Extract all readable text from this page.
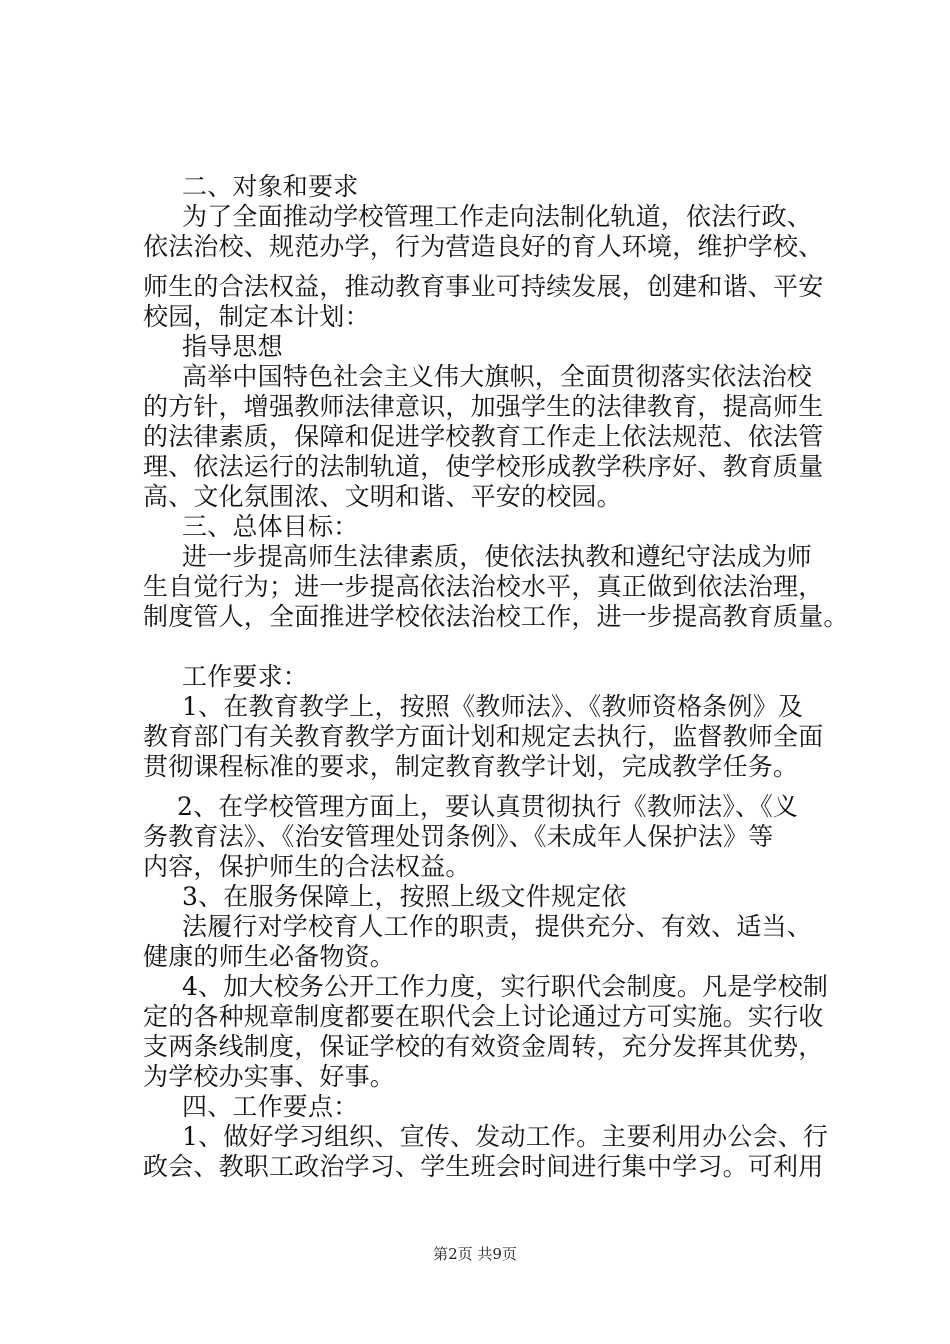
二、对象和要求
为了全面推动学校管理工作走向法制化轨道，依法行政、
依法治校、规范办学，行为营造良好的育人环境，维护学校、
师生的合法权益，推动教育事业可持续发展，创建和谐、平安
校园，制定本计划：
指导思想
高举中国特色社会主义伟大旗帜，全面贯彻落实依法治校
的方针，增强教师法律意识，加强学生的法律教育，提高师生
的法律素质，保障和促进学校教育工作走上依法规范、依法管
理、依法运行的法制轨道，使学校形成教学秩序好、教育质量
高、文化氛围浓、文明和谐、平安的校园。
三、总体目标：
进一步提高师生法律素质，使依法执教和遵纪守法成为师
生自觉行为；进一步提高依法治校水平，真正做到依法治理，
制度管人，全面推进学校依法治校工作，进一步提高教育质量。
工作要求：
1、在教育教学上，按照《教师法》、《教师资格条例》及
教育部门有关教育教学方面计划和规定去执行，监督教师全面
贯彻课程标准的要求，制定教育教学计划，完成教学任务。
2、在学校管理方面上，要认真贯彻执行《教师法》、《义
务教育法》、《治安管理处罚条例》、《未成年人保护法》等
内容，保护师生的合法权益。
3、在服务保障上，按照上级文件规定依
法履行对学校育人工作的职责，提供充分、有效、适当、
健康的师生必备物资。
4、加大校务公开工作力度，实行职代会制度。凡是学校制
定的各种规章制度都要在职代会上讨论通过方可实施。实行收
支两条线制度，保证学校的有效资金周转，充分发挥其优势，
为学校办实事、好事。
四、工作要点：
1、做好学习组织、宣传、发动工作。主要利用办公会、行
政会、教职工政治学习、学生班会时间进行集中学习。可利用
第2页 共9页
